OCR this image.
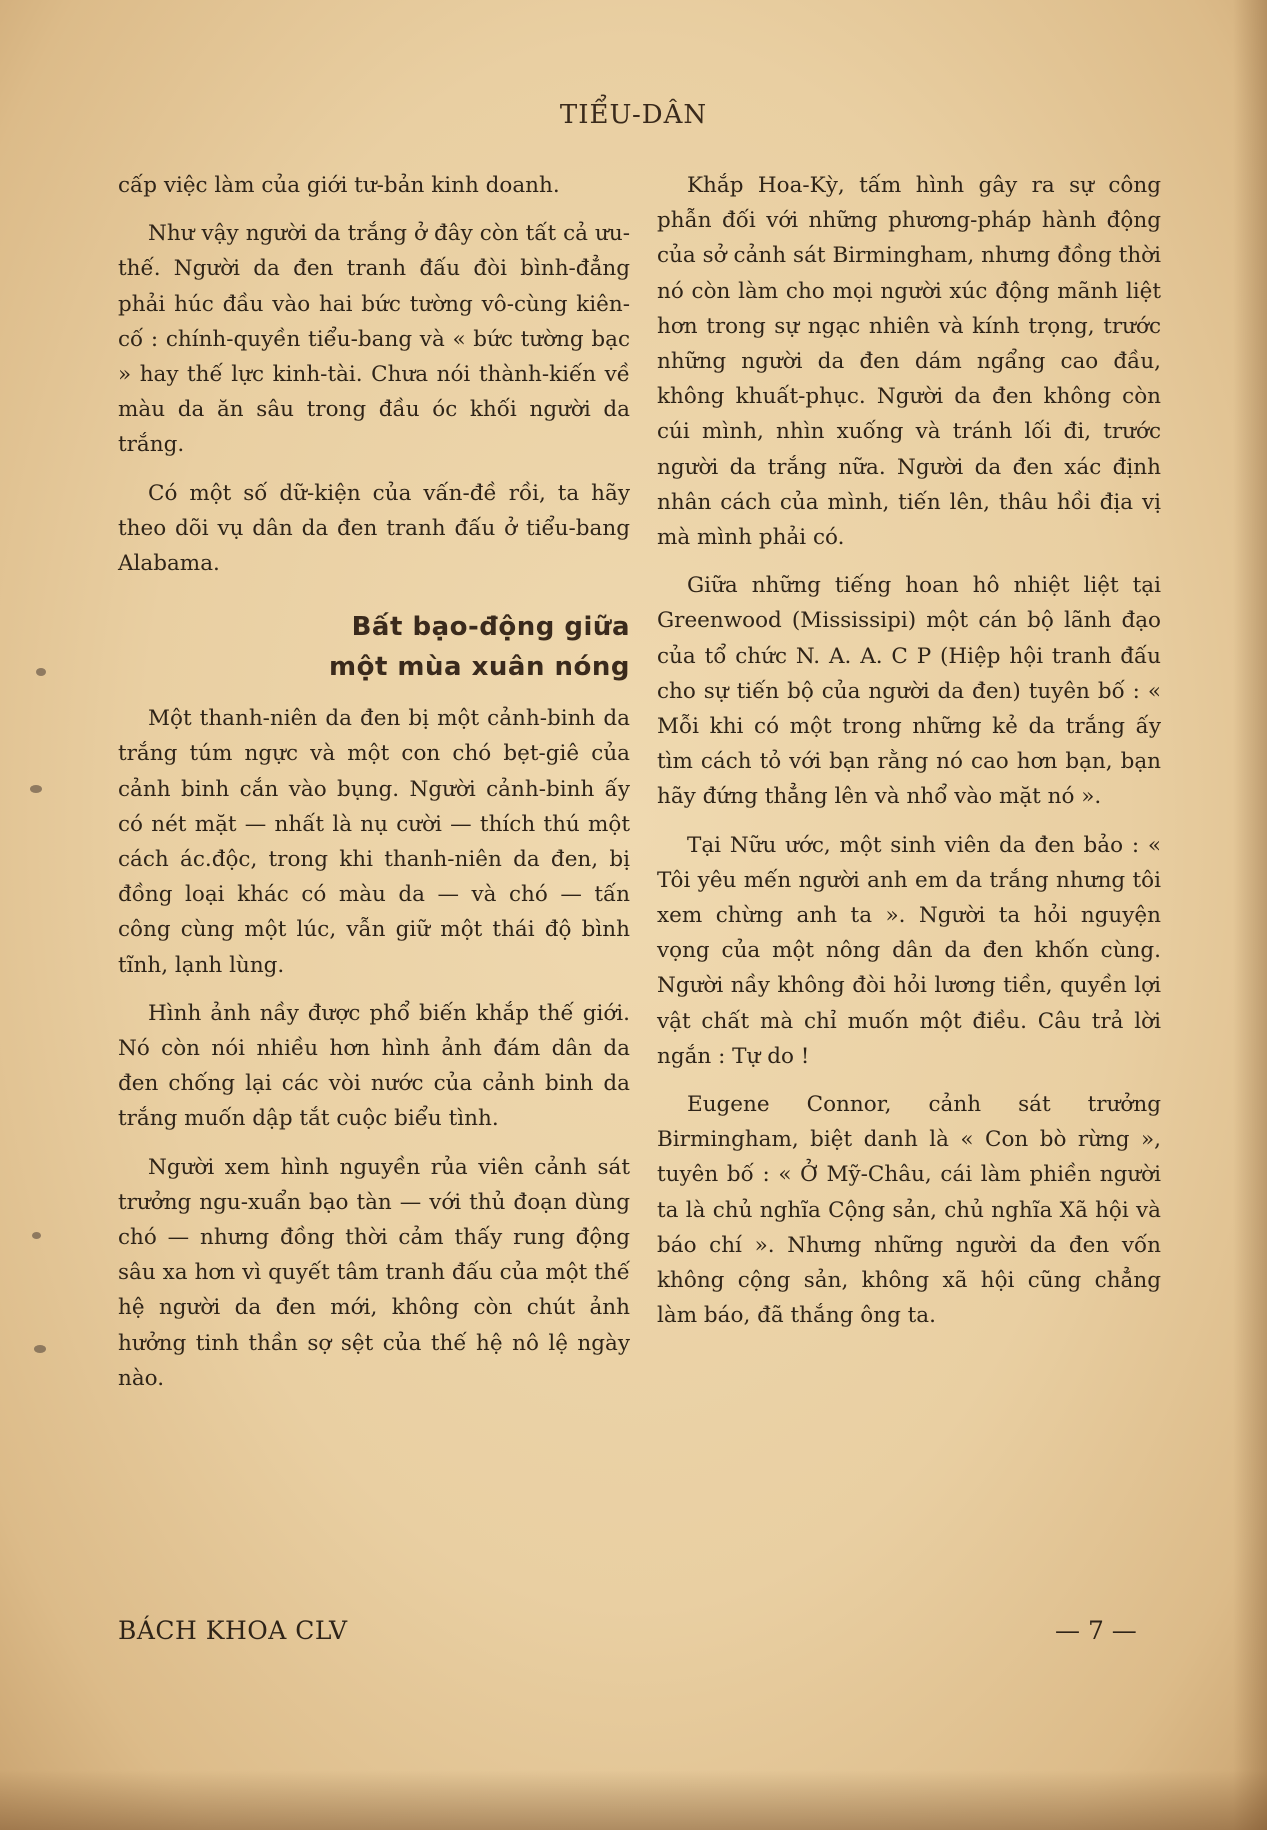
TIỂU-DÂN

cấp việc làm của giới tư-bản kinh doanh.

Như vậy người da trắng ở đây còn tất cả ưu-thế. Người da đen tranh đấu đòi bình-đẳng phải húc đầu vào hai bức tường vô-cùng kiên-cố : chính-quyền tiểu-bang và « bức tường bạc » hay thế lực kinh-tài. Chưa nói thành-kiến về màu da ăn sâu trong đầu óc khối người da trắng.

Có một số dữ-kiện của vấn-đề rồi, ta hãy theo dõi vụ dân da đen tranh đấu ở tiểu-bang Alabama.

Bất bạo-động giữa
một mùa xuân nóng

Một thanh-niên da đen bị một cảnh-binh da trắng túm ngực và một con chó bẹt-giê của cảnh binh cắn vào bụng. Người cảnh-binh ấy có nét mặt — nhất là nụ cười — thích thú một cách ác.độc, trong khi thanh-niên da đen, bị đồng loại khác có màu da — và chó — tấn công cùng một lúc, vẫn giữ một thái độ bình tĩnh, lạnh lùng.

Hình ảnh nầy được phổ biến khắp thế giới. Nó còn nói nhiều hơn hình ảnh đám dân da đen chống lại các vòi nước của cảnh binh da trắng muốn dập tắt cuộc biểu tình.

Người xem hình nguyền rủa viên cảnh sát trưởng ngu-xuẩn bạo tàn — với thủ đoạn dùng chó — nhưng đồng thời cảm thấy rung động sâu xa hơn vì quyết tâm tranh đấu của một thế hệ người da đen mới, không còn chút ảnh hưởng tinh thần sợ sệt của thế hệ nô lệ ngày nào.

Khắp Hoa-Kỳ, tấm hình gây ra sự công phẫn đối với những phương-pháp hành động của sở cảnh sát Birmingham, nhưng đồng thời nó còn làm cho mọi người xúc động mãnh liệt hơn trong sự ngạc nhiên và kính trọng, trước những người da đen dám ngẩng cao đầu, không khuất-phục. Người da đen không còn cúi mình, nhìn xuống và tránh lối đi, trước người da trắng nữa. Người da đen xác định nhân cách của mình, tiến lên, thâu hồi địa vị mà mình phải có.

Giữa những tiếng hoan hô nhiệt liệt tại Greenwood (Mississipi) một cán bộ lãnh đạo của tổ chức N. A. A. C P (Hiệp hội tranh đấu cho sự tiến bộ của người da đen) tuyên bố : « Mỗi khi có một trong những kẻ da trắng ấy tìm cách tỏ với bạn rằng nó cao hơn bạn, bạn hãy đứng thẳng lên và nhổ vào mặt nó ».

Tại Nữu ước, một sinh viên da đen bảo : « Tôi yêu mến người anh em da trắng nhưng tôi xem chừng anh ta ». Người ta hỏi nguyện vọng của một nông dân da đen khốn cùng. Người nầy không đòi hỏi lương tiền, quyền lợi vật chất mà chỉ muốn một điều. Câu trả lời ngắn : Tự do !

Eugene Connor, cảnh sát trưởng Birmingham, biệt danh là « Con bò rừng », tuyên bố : « Ở Mỹ-Châu, cái làm phiền người ta là chủ nghĩa Cộng sản, chủ nghĩa Xã hội và báo chí ». Nhưng những người da đen vốn không cộng sản, không xã hội cũng chẳng làm báo, đã thắng ông ta.

BÁCH KHOA CLV	— 7 —
